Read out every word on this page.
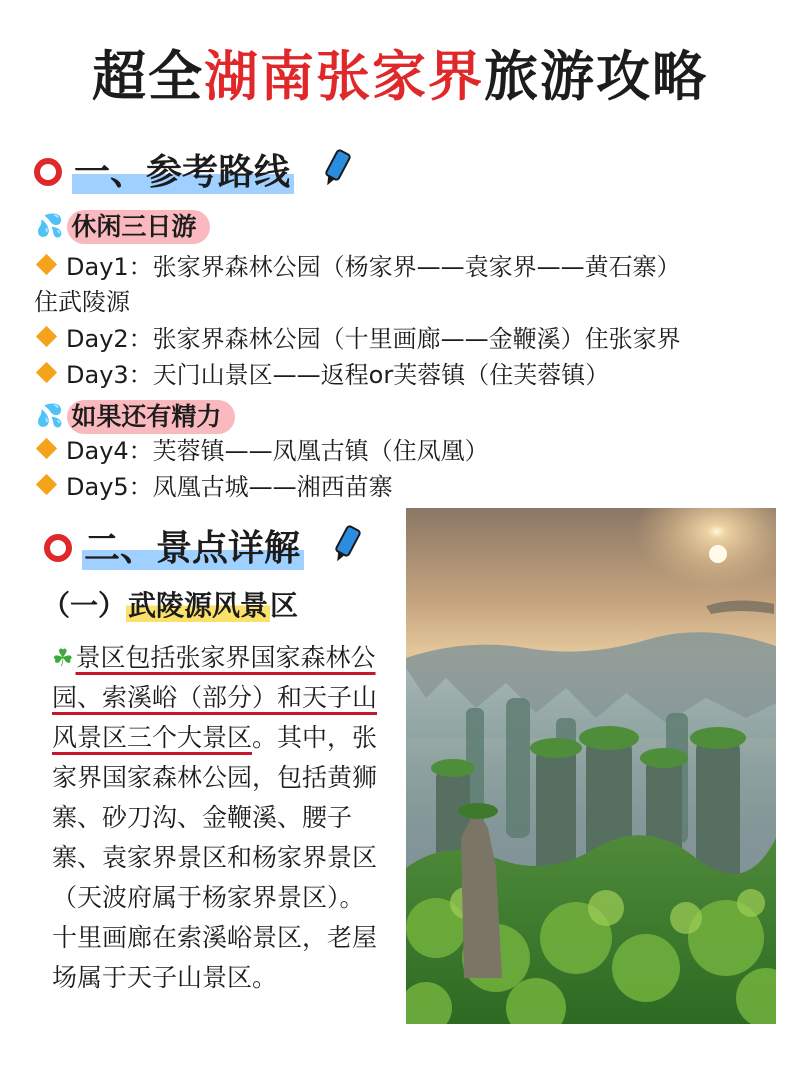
超全湖南张家界旅游攻略
一、参考路线
💦 休闲三日游
Day1：张家界森林公园（杨家界——袁家界——黄石寨）
住武陵源
Day2：张家界森林公园（十里画廊——金鞭溪）住张家界
Day3：天门山景区——返程or芙蓉镇（住芙蓉镇）
💦 如果还有精力
Day4：芙蓉镇——凤凰古镇（住凤凰）
Day5：凤凰古城——湘西苗寨
二、景点详解
（一）武陵源风景区
☘景区包括张家界国家森林公园、索溪峪（部分）和天子山风景区三个大景区。其中，张家界国家森林公园，包括黄狮寨、砂刀沟、金鞭溪、腰子寨、袁家界景区和杨家界景区（天波府属于杨家界景区）。十里画廊在索溪峪景区，老屋场属于天子山景区。
